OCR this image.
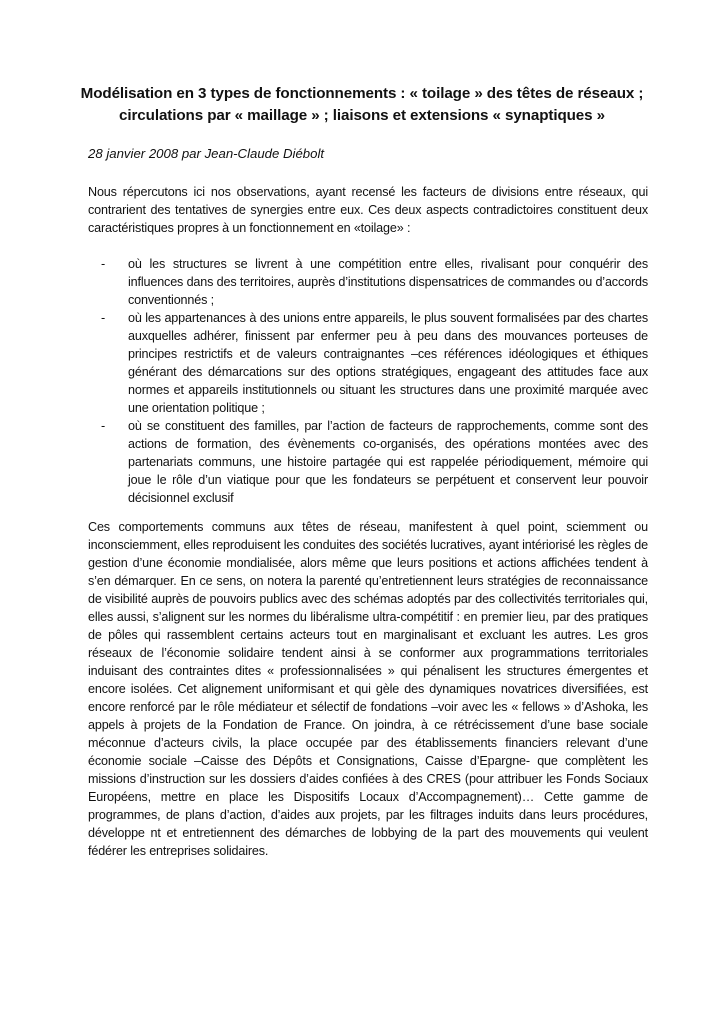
Modélisation en 3 types de fonctionnements : « toilage » des têtes de réseaux ; circulations par « maillage » ; liaisons et extensions « synaptiques »
28 janvier 2008 par Jean-Claude Diébolt
Nous répercutons ici nos observations, ayant recensé les facteurs de divisions entre réseaux, qui contrarient des tentatives de synergies entre eux. Ces deux aspects contradictoires constituent deux caractéristiques propres à un fonctionnement en «toilage» :
- où les structures se livrent à une compétition entre elles, rivalisant pour conquérir des influences dans des territoires, auprès d’institutions dispensatrices de commandes ou d’accords conventionnés ;
- où les appartenances à des unions entre appareils, le plus souvent formalisées par des chartes auxquelles adhérer, finissent par enfermer peu à peu dans des mouvances porteuses de principes restrictifs et de valeurs contraignantes –ces références idéologiques et éthiques générant des démarcations sur des options stratégiques, engageant des attitudes face aux normes et appareils institutionnels ou situant les structures dans une proximité marquée avec une orientation politique ;
- où se constituent des familles, par l’action de facteurs de rapprochements, comme sont des actions de formation, des évènements co-organisés, des opérations montées avec des partenariats communs, une histoire partagée qui est rappelée périodiquement, mémoire qui joue le rôle d’un viatique pour que les fondateurs se perpétuent et conservent leur pouvoir décisionnel exclusif
Ces comportements communs aux têtes de réseau, manifestent à quel point, sciemment ou inconsciemment, elles reproduisent les conduites des sociétés lucratives, ayant intériorisé les règles de gestion d’une économie mondialisée, alors même que leurs positions et actions affichées tendent à s’en démarquer. En ce sens, on notera la parenté qu’entretiennent leurs stratégies de reconnaissance de visibilité auprès de pouvoirs publics avec des schémas adoptés par des collectivités territoriales qui, elles aussi, s’alignent sur les normes du libéralisme ultra-compétitif : en premier lieu, par des pratiques de pôles qui rassemblent certains acteurs tout en marginalisant et excluant les autres. Les gros réseaux de l’économie solidaire tendent ainsi à se conformer aux programmations territoriales induisant des contraintes dites « professionnalisées » qui pénalisent les structures émergentes et encore isolées. Cet alignement uniformisant et qui gèle des dynamiques novatrices diversifiées, est encore renforcé par le rôle médiateur et sélectif de fondations –voir avec les « fellows » d’Ashoka, les appels à projets de la Fondation de France. On joindra, à ce rétrécissement d’une base sociale méconnue d’acteurs civils, la place occupée par des établissements financiers relevant d’une économie sociale –Caisse des Dépôts et Consignations, Caisse d’Epargne- que complètent les missions d’instruction sur les dossiers d’aides confiées à des CRES (pour attribuer les Fonds Sociaux Européens, mettre en place les Dispositifs Locaux d’Accompagnement)… Cette gamme de programmes, de plans d’action, d’aides aux projets, par les filtrages induits dans leurs procédures, développe nt et entretiennent des démarches de lobbying de la part des mouvements qui veulent fédérer les entreprises solidaires.
